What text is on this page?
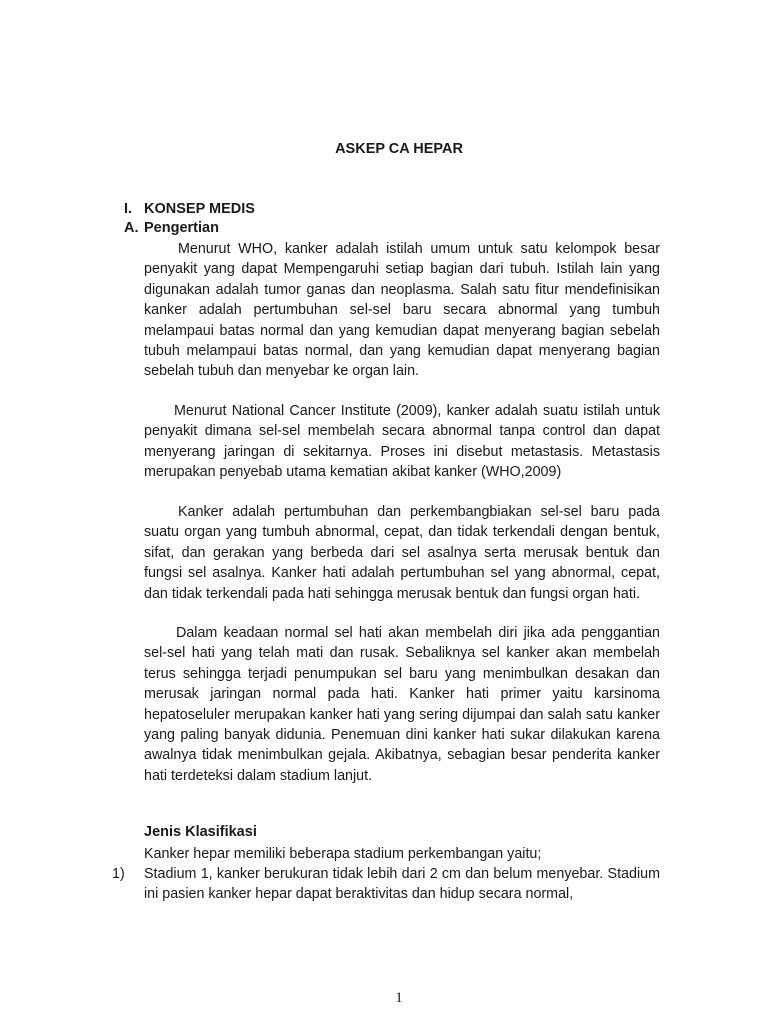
ASKEP CA HEPAR
I. KONSEP MEDIS
A. Pengertian

Menurut WHO, kanker adalah istilah umum untuk satu kelompok besar penyakit yang dapat Mempengaruhi setiap bagian dari tubuh. Istilah lain yang digunakan adalah tumor ganas dan neoplasma. Salah satu fitur mendefinisikan kanker adalah pertumbuhan sel-sel baru secara abnormal yang tumbuh melampaui batas normal dan yang kemudian dapat menyerang bagian sebelah tubuh melampaui batas normal, dan yang kemudian dapat menyerang bagian sebelah tubuh dan menyebar ke organ lain.

Menurut National Cancer Institute (2009), kanker adalah suatu istilah untuk penyakit dimana sel-sel membelah secara abnormal tanpa control dan dapat menyerang jaringan di sekitarnya. Proses ini disebut metastasis. Metastasis merupakan penyebab utama kematian akibat kanker (WHO,2009)

Kanker adalah pertumbuhan dan perkembangbiakan sel-sel baru pada suatu organ yang tumbuh abnormal, cepat, dan tidak terkendali dengan bentuk, sifat, dan gerakan yang berbeda dari sel asalnya serta merusak bentuk dan fungsi sel asalnya. Kanker hati adalah pertumbuhan sel yang abnormal, cepat, dan tidak terkendali pada hati sehingga merusak bentuk dan fungsi organ hati.

Dalam keadaan normal sel hati akan membelah diri jika ada penggantian sel-sel hati yang telah mati dan rusak. Sebaliknya sel kanker akan membelah terus sehingga terjadi penumpukan sel baru yang menimbulkan desakan dan merusak jaringan normal pada hati. Kanker hati primer yaitu karsinoma hepatoseluler merupakan kanker hati yang sering dijumpai dan salah satu kanker yang paling banyak didunia. Penemuan dini kanker hati sukar dilakukan karena awalnya tidak menimbulkan gejala. Akibatnya, sebagian besar penderita kanker hati terdeteksi dalam stadium lanjut.

Jenis Klasifikasi
Kanker hepar memiliki beberapa stadium perkembangan yaitu;
1) Stadium 1, kanker berukuran tidak lebih dari 2 cm dan belum menyebar. Stadium ini pasien kanker hepar dapat beraktivitas dan hidup secara normal,

1
